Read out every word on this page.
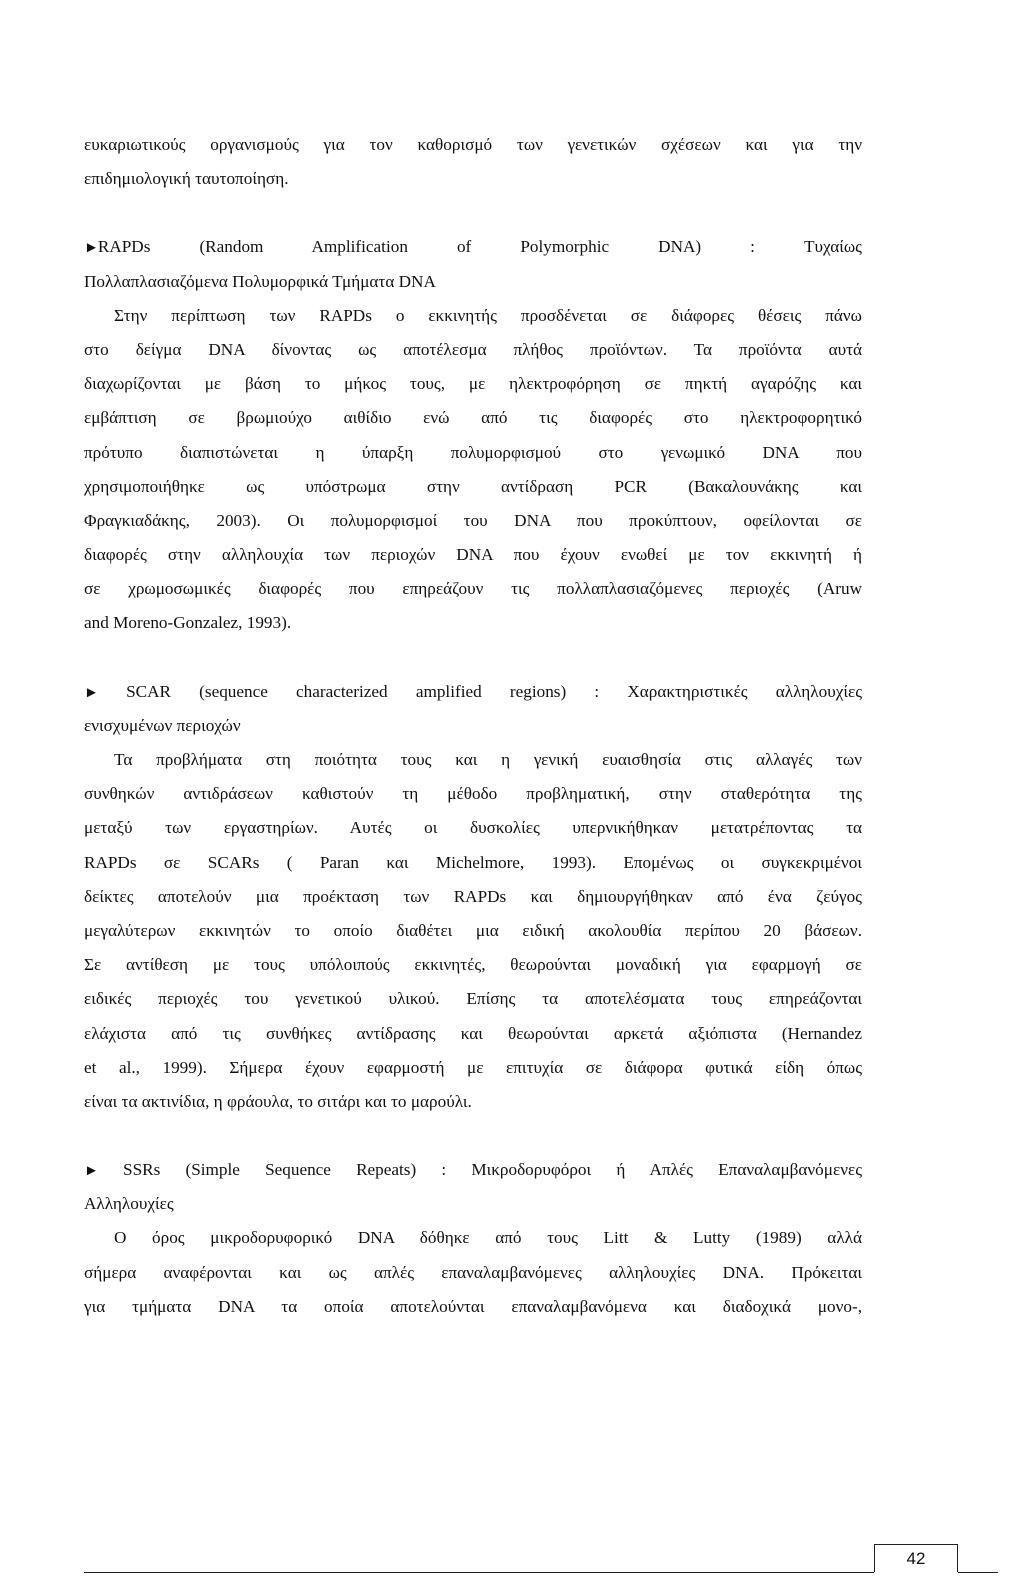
ευκαριωτικούς οργανισμούς για τον καθορισμό των γενετικών σχέσεων και για την
επιδημιολογική ταυτοποίηση.
►RAPDs (Random Amplification of Polymorphic DNA) : Τυχαίως
Πολλαπλασιαζόμενα Πολυμορφικά Τμήματα DNA
Στην περίπτωση των RAPDs ο εκκινητής προσδένεται σε διάφορες θέσεις πάνω
στο δείγμα DNA δίνοντας ως αποτέλεσμα πλήθος προϊόντων. Τα προϊόντα αυτά
διαχωρίζονται με βάση το μήκος τους, με ηλεκτροφόρηση σε πηκτή αγαρόζης και
εμβάπτιση σε βρωμιούχο αιθίδιο ενώ από τις διαφορές στο ηλεκτροφορητικό
πρότυπο διαπιστώνεται η ύπαρξη πολυμορφισμού στο γενωμικό DNA που
χρησιμοποιήθηκε ως υπόστρωμα στην αντίδραση PCR (Βακαλουνάκης και
Φραγκιαδάκης, 2003). Οι πολυμορφισμοί του DNA που προκύπτουν, οφείλονται σε
διαφορές στην αλληλουχία των περιοχών DNA που έχουν ενωθεί με τον εκκινητή ή
σε χρωμοσωμικές διαφορές που επηρεάζουν τις πολλαπλασιαζόμενες περιοχές (Aruw
and Moreno-Gonzalez, 1993).
► SCAR (sequence characterized amplified regions) : Χαρακτηριστικές αλληλουχίες
ενισχυμένων περιοχών
Τα προβλήματα στη ποιότητα τους και η γενική ευαισθησία στις αλλαγές των
συνθηκών αντιδράσεων καθιστούν τη μέθοδο προβληματική, στην σταθερότητα της
μεταξύ των εργαστηρίων. Αυτές οι δυσκολίες υπερνικήθηκαν μετατρέποντας τα
RAPDs σε SCARs ( Paran και Michelmore, 1993). Επομένως οι συγκεκριμένοι
δείκτες αποτελούν μια προέκταση των RAPDs και δημιουργήθηκαν από ένα ζεύγος
μεγαλύτερων εκκινητών το οποίο διαθέτει μια ειδική ακολουθία περίπου 20 βάσεων.
Σε αντίθεση με τους υπόλοιπούς εκκινητές, θεωρούνται μοναδική για εφαρμογή σε
ειδικές περιοχές του γενετικού υλικού. Επίσης τα αποτελέσματα τους επηρεάζονται
ελάχιστα από τις συνθήκες αντίδρασης και θεωρούνται αρκετά αξιόπιστα (Hernandez
et al., 1999). Σήμερα έχουν εφαρμοστή με επιτυχία σε διάφορα φυτικά είδη όπως
είναι τα ακτινίδια, η φράουλα, το σιτάρι και το μαρούλι.
► SSRs (Simple Sequence Repeats) : Μικροδορυφόροι ή Απλές Επαναλαμβανόμενες
Αλληλουχίες
Ο όρος μικροδορυφορικό DNA δόθηκε από τους Litt & Lutty (1989) αλλά
σήμερα αναφέρονται και ως απλές επαναλαμβανόμενες αλληλουχίες DNA. Πρόκειται
για τμήματα DNA τα οποία αποτελούνται επαναλαμβανόμενα και διαδοχικά μονο-,
42
